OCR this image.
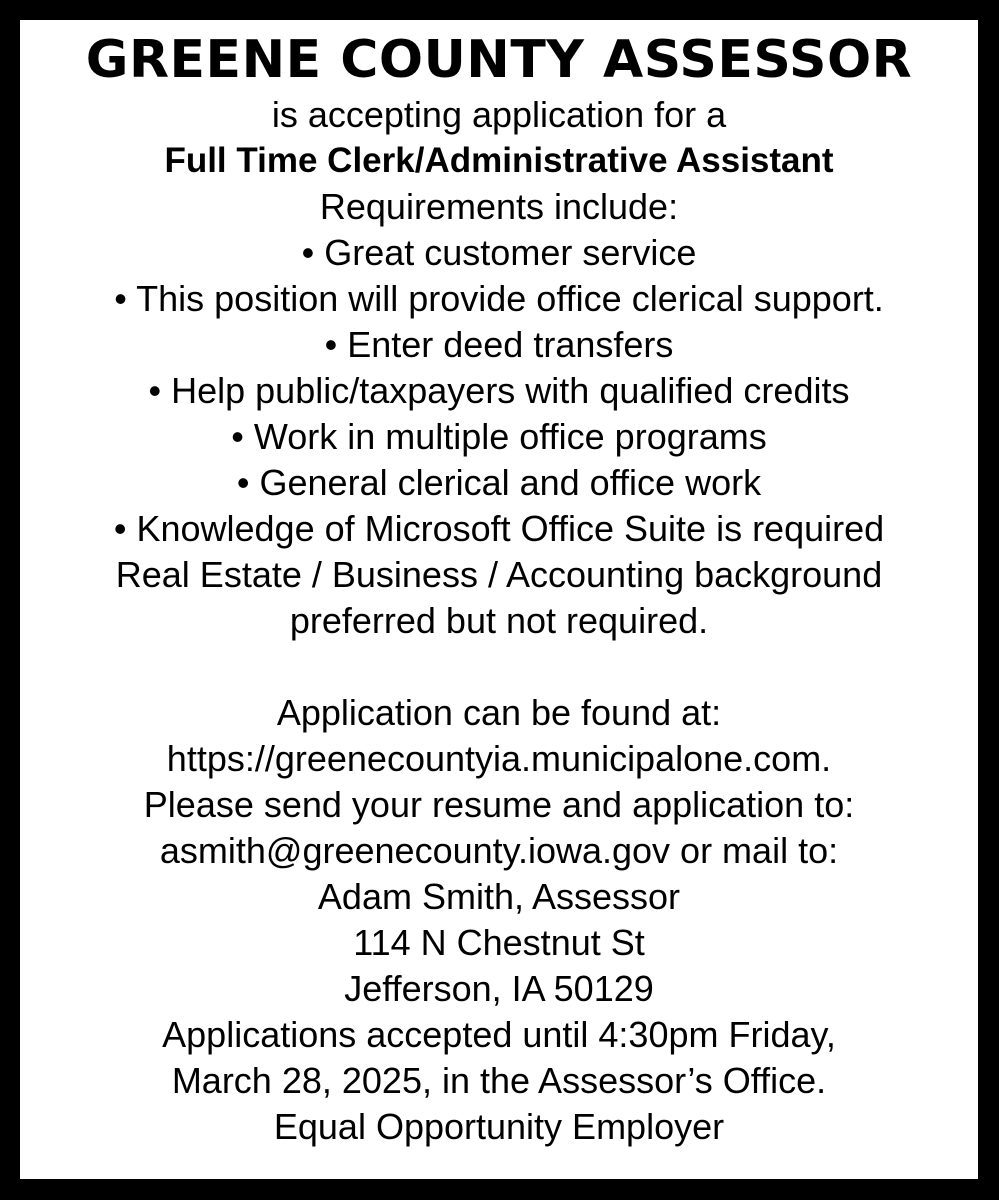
GREENE COUNTY ASSESSOR

is accepting application for a

Full Time Clerk/Administrative Assistant

Requirements include:

• Great customer service

• This position will provide office clerical support.

• Enter deed transfers

• Help public/taxpayers with qualified credits

• Work in multiple office programs

• General clerical and office work

• Knowledge of Microsoft Office Suite is required

Real Estate / Business / Accounting background

preferred but not required.

Application can be found at:

https://greenecountyia.municipalone.com.

Please send your resume and application to:

asmith@greenecounty.iowa.gov or mail to:

Adam Smith, Assessor

114 N Chestnut St

Jefferson, IA 50129

Applications accepted until 4:30pm Friday,

March 28, 2025, in the Assessor’s Office.

Equal Opportunity Employer
